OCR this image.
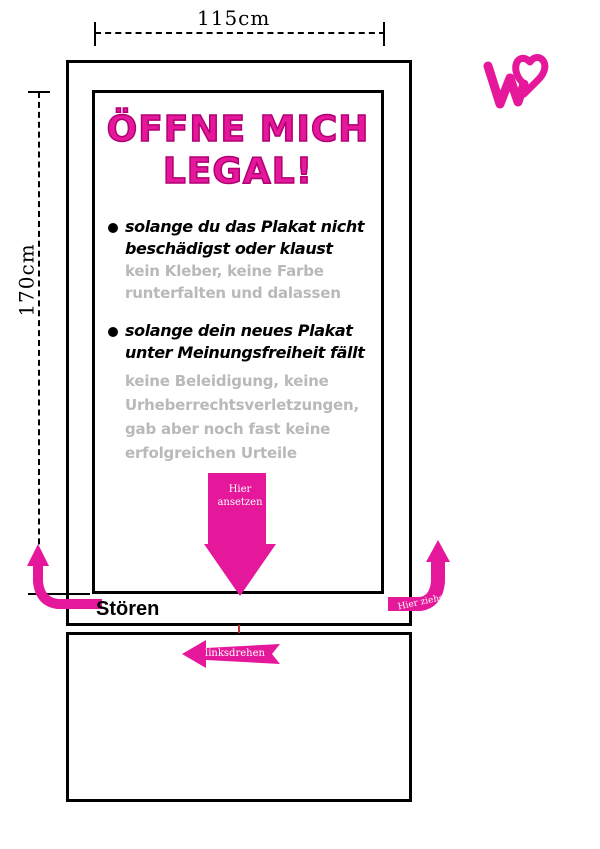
115cm
170cm
ÖFFNE MICH
LEGAL!
solange du das Plakat nicht
beschädigst oder klaust
kein Kleber, keine Farbe
runterfalten und dalassen
solange dein neues Plakat
unter Meinungsfreiheit fällt
keine Beleidigung, keine
Urheberrechtsverletzungen,
gab aber noch fast keine
erfolgreichen Urteile
Hier
ansetzen
Stören	Hier ziehen
linksdrehen
